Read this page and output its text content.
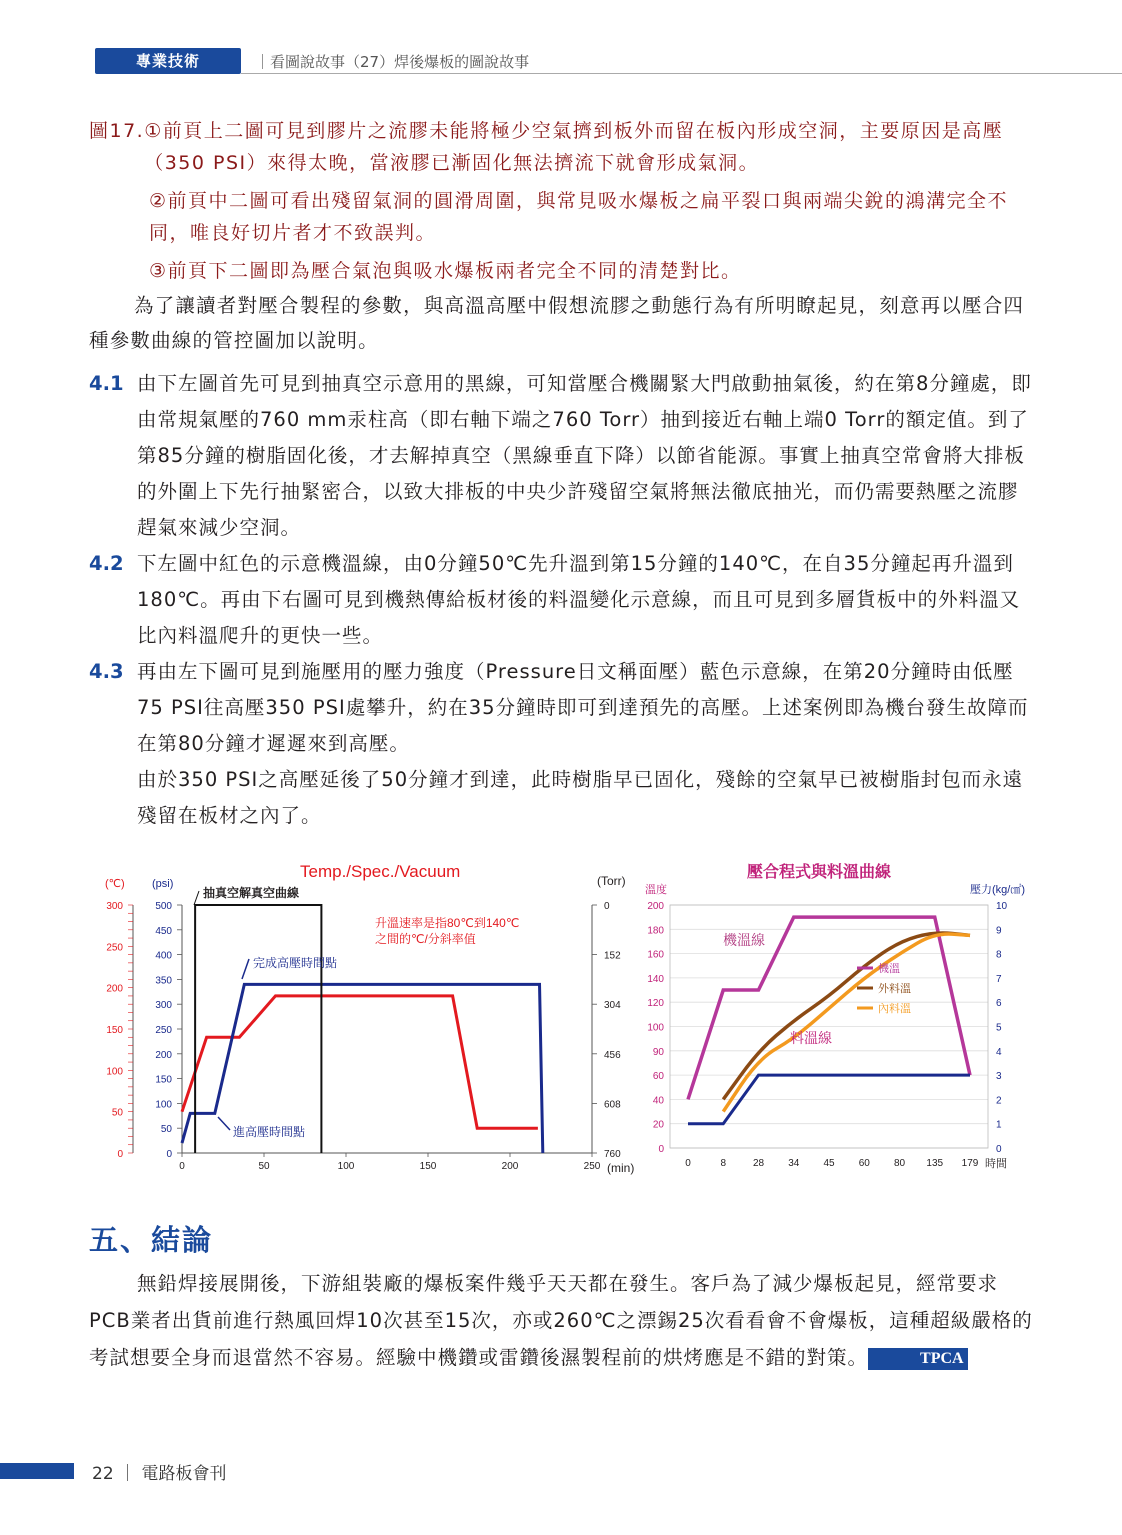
專業技術	｜看圖說故事（27）焊後爆板的圖說故事
圖17. ①前頁上二圖可見到膠片之流膠未能將極少空氣擠到板外而留在板內形成空洞，主要原因是高壓（350 PSI）來得太晚，當液膠已漸固化無法擠流下就會形成氣洞。
②前頁中二圖可看出殘留氣洞的圓滑周圍，與常見吸水爆板之扁平裂口與兩端尖銳的鴻溝完全不同，唯良好切片者才不致誤判。
③前頁下二圖即為壓合氣泡與吸水爆板兩者完全不同的清楚對比。
為了讓讀者對壓合製程的參數，與高溫高壓中假想流膠之動態行為有所明瞭起見，刻意再以壓合四種參數曲線的管控圖加以說明。
4.1 由下左圖首先可見到抽真空示意用的黑線，可知當壓合機關緊大門啟動抽氣後，約在第8分鐘處，即由常規氣壓的760 mm汞柱高（即右軸下端之760 Torr）抽到接近右軸上端0 Torr的額定值。到了第85分鐘的樹脂固化後，才去解掉真空（黑線垂直下降）以節省能源。事實上抽真空常會將大排板的外圍上下先行抽緊密合，以致大排板的中央少許殘留空氣將無法徹底抽光，而仍需要熱壓之流膠趕氣來減少空洞。
4.2 下左圖中紅色的示意機溫線，由0分鐘50℃先升溫到第15分鐘的140℃，在自35分鐘起再升溫到180℃。再由下右圖可見到機熱傳給板材後的料溫變化示意線，而且可見到多層貨板中的外料溫又比內料溫爬升的更快一些。
4.3 再由左下圖可見到施壓用的壓力強度（Pressure日文稱面壓）藍色示意線，在第20分鐘時由低壓75 PSI往高壓350 PSI處攀升，約在35分鐘時即可到達預先的高壓。上述案例即為機台發生故障而在第80分鐘才遲遲來到高壓。
由於350 PSI之高壓延後了50分鐘才到達，此時樹脂早已固化，殘餘的空氣早已被樹脂封包而永遠殘留在板材之內了。
Temp./Spec./Vacuum
(℃) (psi)	(Torr)
(min)
300
250
200
150
100
50
0
500
450
400
350
300
250
200
150
100
50
0
0
152
304
456
608
760
0	50	100	150	200	250
抽真空解真空曲線
升溫速率是指80℃到140℃
之間的℃/分斜率值
完成高壓時間點
進高壓時間點
壓合程式與料溫曲線
溫度	壓力(kg/㎠)
時間
200
180
160
140
120
100
90
60
40
20
0
10
9
8
7
6
5
4
3
2
1
0
0	8	28 34 45 60 80 135 179
機溫線
料溫線
機溫
外料溫
內料溫
五、結論
無鉛焊接展開後，下游組裝廠的爆板案件幾乎天天都在發生。客戶為了減少爆板起見，經常要求PCB業者出貨前進行熱風回焊10次甚至15次，亦或260℃之漂錫25次看看會不會爆板，這種超級嚴格的考試想要全身而退當然不容易。經驗中機鑽或雷鑽後濕製程前的烘烤應是不錯的對策。	TPCA
22 ｜ 電路板會刊
